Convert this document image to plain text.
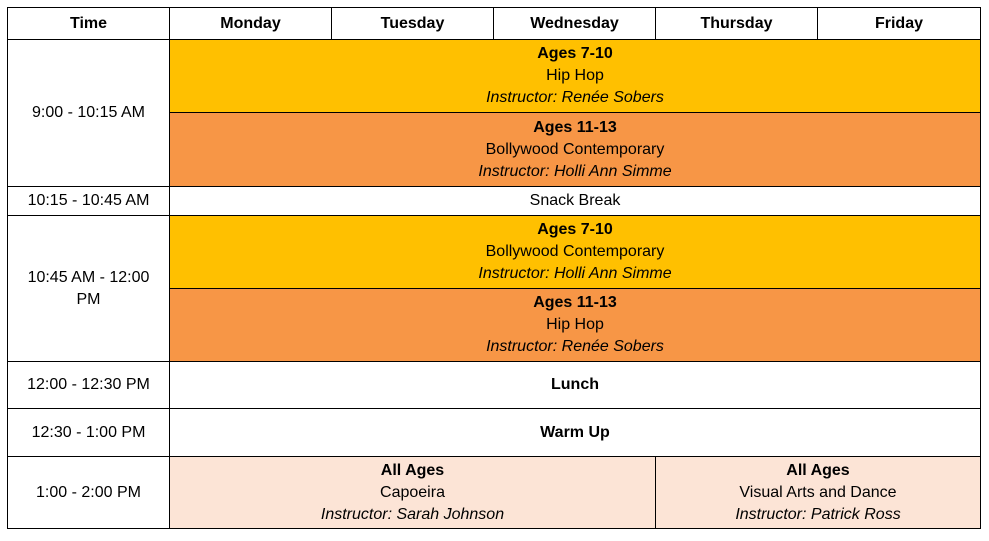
Time	Monday	Tuesday	Wednesday	Thursday	Friday
9:00 - 10:15 AM	Ages 7-10
Hip Hop
Instructor: Renée Sobers				

	Ages 11-13
Bollywood Contemporary
Instructor: Holli Ann Simme				

10:15 - 10:45 AM	Snack Break				
10:45 AM - 12:00 PM	Ages 7-10
Bollywood Contemporary
Instructor: Holli Ann Simme				

	Ages 11-13
Hip Hop
Instructor: Renée Sobers				

12:00 - 12:30 PM	Lunch				
12:30 - 1:00 PM	Warm Up				
1:00 - 2:00 PM	All Ages
Capoeira
Instructor: Sarah Johnson			All Ages
Visual Arts and Dance
Instructor: Patrick Ross	
